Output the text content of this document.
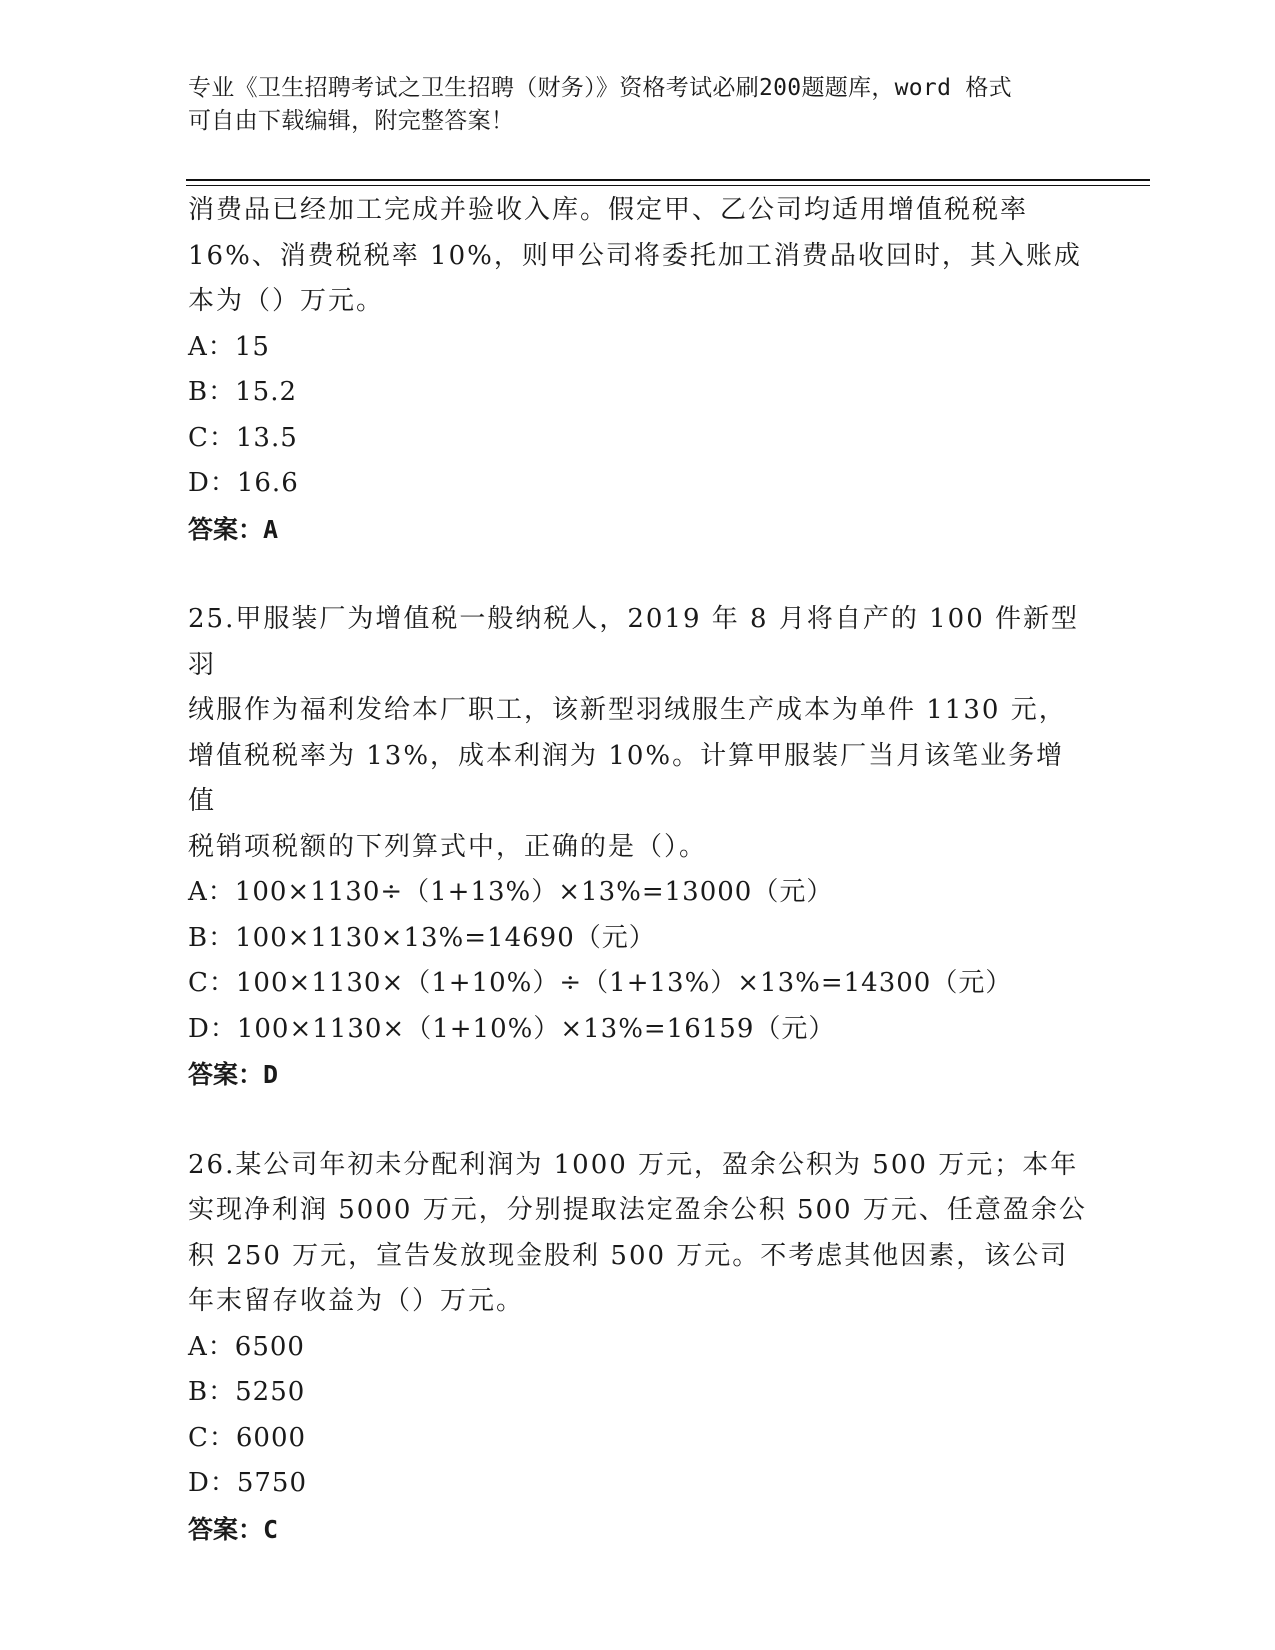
专业《卫生招聘考试之卫生招聘（财务）》资格考试必刷200题题库，word 格式
可自由下载编辑，附完整答案！
消费品已经加工完成并验收入库。假定甲、乙公司均适用增值税税率
16%、消费税税率 10%，则甲公司将委托加工消费品收回时，其入账成
本为（）万元。
A：15
B：15.2
C：13.5
D：16.6
答案：A
25.甲服装厂为增值税一般纳税人，2019 年 8 月将自产的 100 件新型羽
绒服作为福利发给本厂职工，该新型羽绒服生产成本为单件 1130 元，
增值税税率为 13%，成本利润为 10%。计算甲服装厂当月该笔业务增值
税销项税额的下列算式中，正确的是（）。
A：100×1130÷（1+13%）×13%=13000（元）
B：100×1130×13%=14690（元）
C：100×1130×（1+10%）÷（1+13%）×13%=14300（元）
D：100×1130×（1+10%）×13%=16159（元）
答案：D
26.某公司年初未分配利润为 1000 万元，盈余公积为 500 万元；本年
实现净利润 5000 万元，分别提取法定盈余公积 500 万元、任意盈余公
积 250 万元，宣告发放现金股利 500 万元。不考虑其他因素，该公司
年末留存收益为（）万元。
A：6500
B：5250
C：6000
D：5750
答案：C
